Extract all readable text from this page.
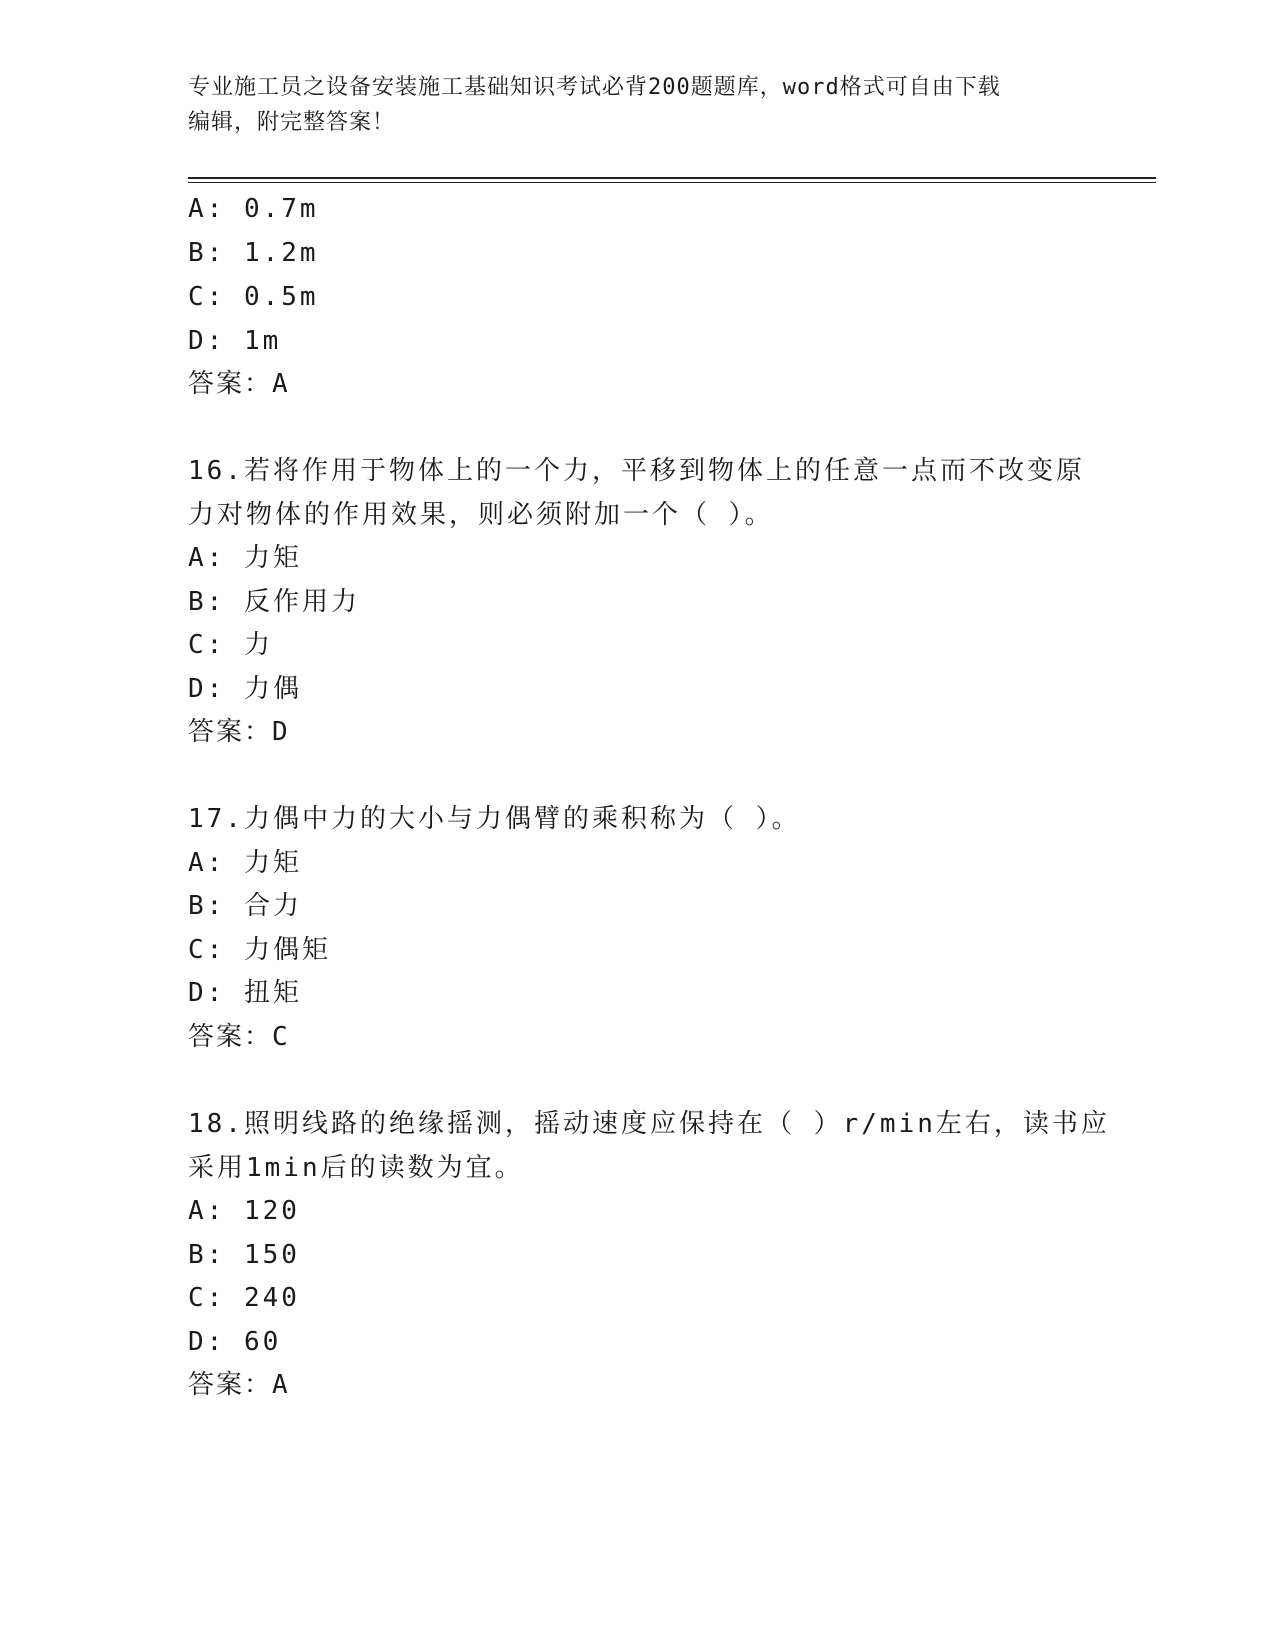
专业施工员之设备安装施工基础知识考试必背200题题库，word格式可自由下载
编辑，附完整答案！
A: 0.7m
B: 1.2m
C: 0.5m
D: 1m
答案：A
16.若将作用于物体上的一个力，平移到物体上的任意一点而不改变原
力对物体的作用效果，则必须附加一个（ ）。
A: 力矩
B: 反作用力
C: 力
D: 力偶
答案：D
17.力偶中力的大小与力偶臂的乘积称为（ ）。
A: 力矩
B: 合力
C: 力偶矩
D: 扭矩
答案：C
18.照明线路的绝缘摇测，摇动速度应保持在（ ）r/min左右，读书应
采用1min后的读数为宜。
A: 120
B: 150
C: 240
D: 60
答案：A
